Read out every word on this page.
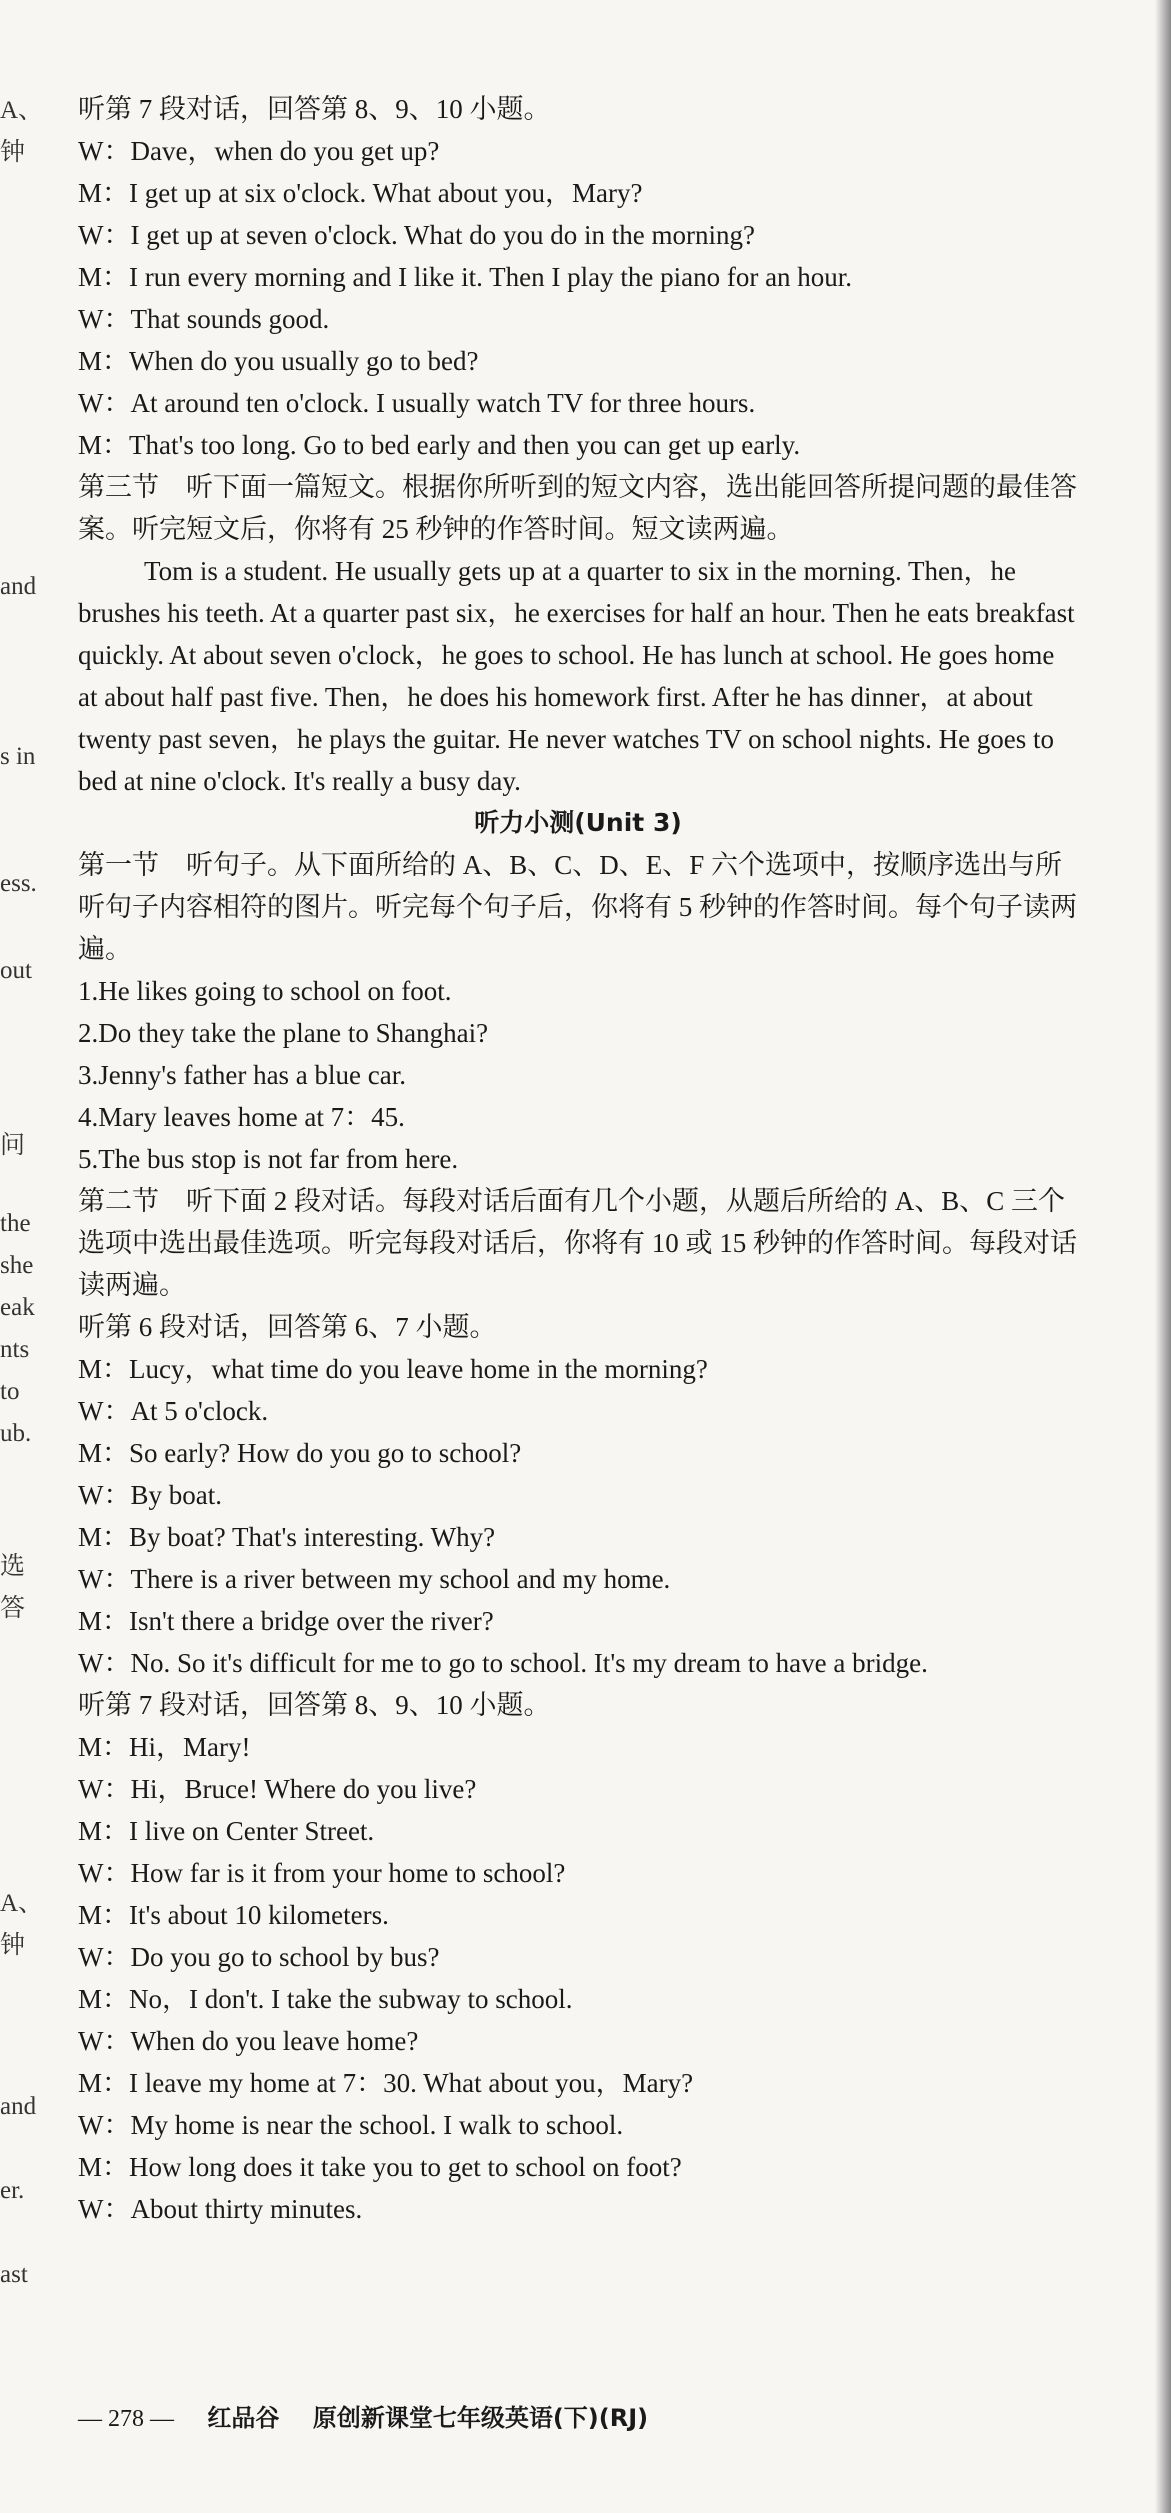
A、
钟
and
s in
ess.
out
问
the
she
eak
nts
to
ub.
选
答
A、
钟
and
er.
ast
听第 7 段对话，回答第 8、9、10 小题。
W：Dave，when do you get up?
M：I get up at six o'clock. What about you，Mary?
W：I get up at seven o'clock. What do you do in the morning?
M：I run every morning and I like it. Then I play the piano for an hour.
W：That sounds good.
M：When do you usually go to bed?
W：At around ten o'clock. I usually watch TV for three hours.
M：That's too long. Go to bed early and then you can get up early.
第三节　听下面一篇短文。根据你所听到的短文内容，选出能回答所提问题的最佳答案。听完短文后，你将有 25 秒钟的作答时间。短文读两遍。
Tom is a student. He usually gets up at a quarter to six in the morning. Then，he brushes his teeth. At a quarter past six，he exercises for half an hour. Then he eats breakfast quickly. At about seven o'clock，he goes to school. He has lunch at school. He goes home at about half past five. Then，he does his homework first. After he has dinner，at about twenty past seven，he plays the guitar. He never watches TV on school nights. He goes to bed at nine o'clock. It's really a busy day.
听力小测(Unit 3)
第一节　听句子。从下面所给的 A、B、C、D、E、F 六个选项中，按顺序选出与所听句子内容相符的图片。听完每个句子后，你将有 5 秒钟的作答时间。每个句子读两遍。
1.He likes going to school on foot.
2.Do they take the plane to Shanghai?
3.Jenny's father has a blue car.
4.Mary leaves home at 7：45.
5.The bus stop is not far from here.
第二节　听下面 2 段对话。每段对话后面有几个小题，从题后所给的 A、B、C 三个选项中选出最佳选项。听完每段对话后，你将有 10 或 15 秒钟的作答时间。每段对话读两遍。
听第 6 段对话，回答第 6、7 小题。
M：Lucy，what time do you leave home in the morning?
W：At 5 o'clock.
M：So early? How do you go to school?
W：By boat.
M：By boat? That's interesting. Why?
W：There is a river between my school and my home.
M：Isn't there a bridge over the river?
W：No. So it's difficult for me to go to school. It's my dream to have a bridge.
听第 7 段对话，回答第 8、9、10 小题。
M：Hi，Mary!
W：Hi，Bruce! Where do you live?
M：I live on Center Street.
W：How far is it from your home to school?
M：It's about 10 kilometers.
W：Do you go to school by bus?
M：No，I don't. I take the subway to school.
W：When do you leave home?
M：I leave my home at 7：30. What about you，Mary?
W：My home is near the school. I walk to school.
M：How long does it take you to get to school on foot?
W：About thirty minutes.
— 278 — 红品谷 原创新课堂七年级英语(下)(RJ)
